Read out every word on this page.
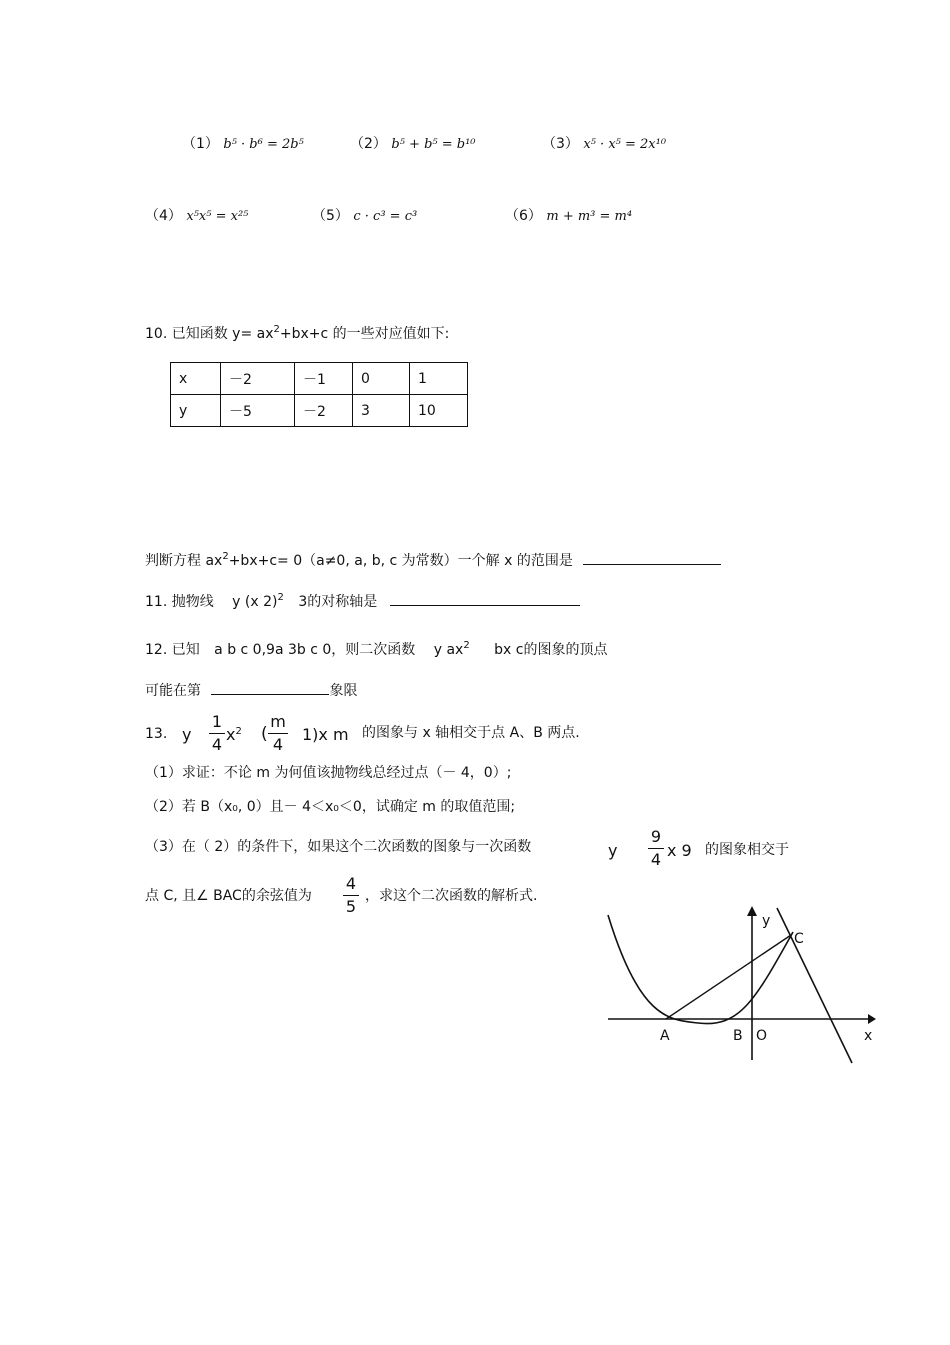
（1） b⁵ · b⁶ = 2b⁵	（2） b⁵ + b⁵ = b¹⁰	（3） x⁵ · x⁵ = 2x¹⁰
（4） x⁵x⁵ = x²⁵	（5） c · c³ = c³	（6） m + m³ = m⁴
10. 已知函数 $y= ax^2+bx+c$ 的一些对应值如下:
x	－2	－1	0	1
y	－5	－2	3	10
判断方程 $ax^2+bx+c= 0(a\ne 0$, a, b, c 为常数）一个解 x 的范围是
11. 抛物线 y (x 2)$^2$ 3的对称轴是
12. 已知 a b c 0,9a 3b c 0，则二次函数 y $ax^2$ bx c的图象的顶点
可能在第	象限
13. y
1
4
$x^2$ (
m
4
1)x m 的图象与 x 轴相交于点 A、B 两点.
（1）求证：不论 m 为何值该抛物线总经过点（－ 4，0）;
（2）若 B（x₀, 0）且－ 4＜x₀＜0，试确定 m 的取值范围;
（3）在（ 2）的条件下，如果这个二次函数的图象与一次函数	y
9
4 x 9 的图象相交于
点 C, 且∠ BAC的余弦值为
4
5
，求这个二次函数的解析式.
y
C
A	B O	x
